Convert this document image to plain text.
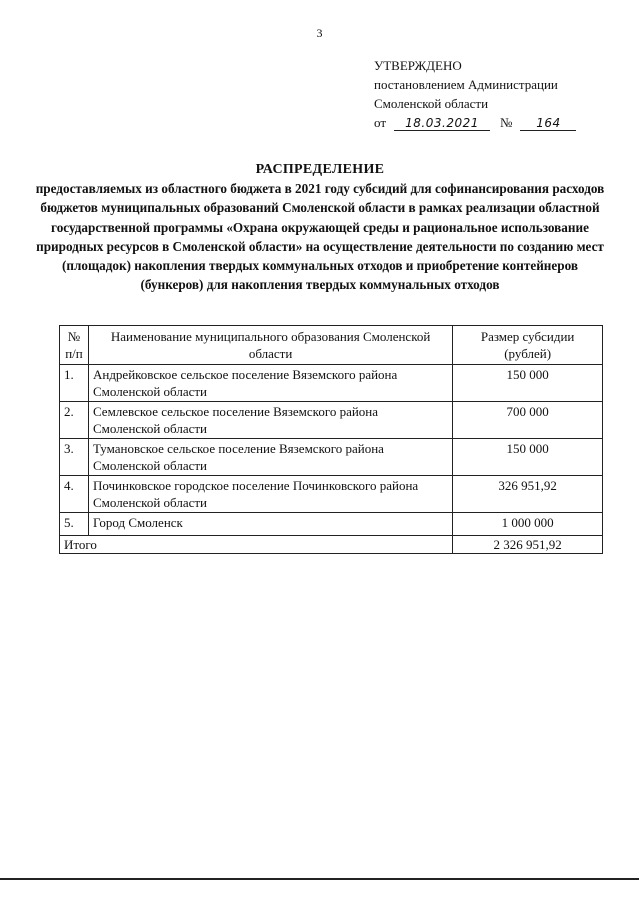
3
УТВЕРЖДЕНО
постановлением Администрации
Смоленской области
от 18.03.2021 № 164
РАСПРЕДЕЛЕНИЕ
предоставляемых из областного бюджета в 2021 году субсидий для софинансирования расходов бюджетов муниципальных образований Смоленской области в рамках реализации областной государственной программы «Охрана окружающей среды и рациональное использование природных ресурсов в Смоленской области» на осуществление деятельности по созданию мест (площадок) накопления твердых коммунальных отходов и приобретение контейнеров (бункеров) для накопления твердых коммунальных отходов
№ п/п	Наименование муниципального образования Смоленской области	Размер субсидии (рублей)
1.	Андрейковское сельское поселение Вяземского района Смоленской области	150 000
2.	Семлевское сельское поселение Вяземского района Смоленской области	700 000
3.	Тумановское сельское поселение Вяземского района Смоленской области	150 000
4.	Починковское городское поселение Починковского района Смоленской области	326 951,92
5.	Город Смоленск	1 000 000
Итого		2 326 951,92
